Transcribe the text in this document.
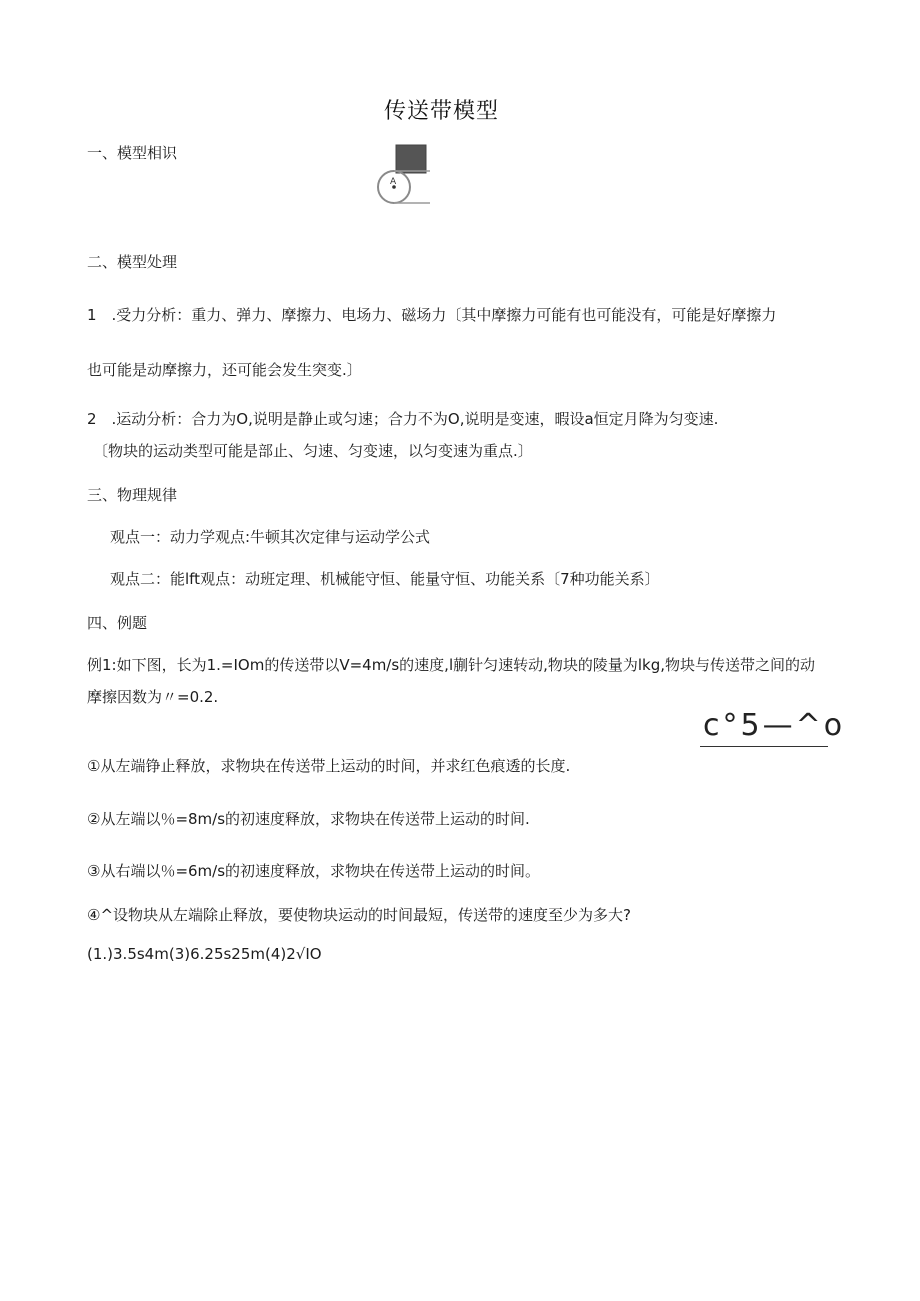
传送带模型
一、模型相识
A
二、模型处理
1　.受力分析：重力、弹力、摩擦力、电场力、磁场力〔其中摩擦力可能有也可能没有，可能是好摩擦力
也可能是动摩擦力，还可能会发生突变.〕
2　.运动分析：合力为O,说明是静止或匀速；合力不为O,说明是变速，暇设a恒定月降为匀变速.
〔物块的运动类型可能是部止、匀速、匀变速，以匀变速为重点.〕
三、物理规律
观点一：动力学观点:牛顿其次定律与运动学公式
观点二：能lft观点：动班定理、机械能守恒、能量守恒、功能关系〔7种功能关系〕
四、例题
例1:如下图，长为1.=IOm的传送带以V=4m∕s的速度,l蒯针匀速转动,物块的陵量为lkg,物块与传送带之间的动
摩擦因数为〃=0.2.
c°5—^o
①从左端铮止释放，求物块在传送带上运动的时间，并求红色痕透的长度.
②从左端以％=8m∕s的初速度释放，求物块在传送带上运动的时间.
③从右端以％=6m∕s的初速度释放，求物块在传送带上运动的时间。
④^设物块从左端除止释放，要使物块运动的时间最短，传送带的速度至少为多大?
(1.)3.5s4m(3)6.25s25m(4)2√IO
